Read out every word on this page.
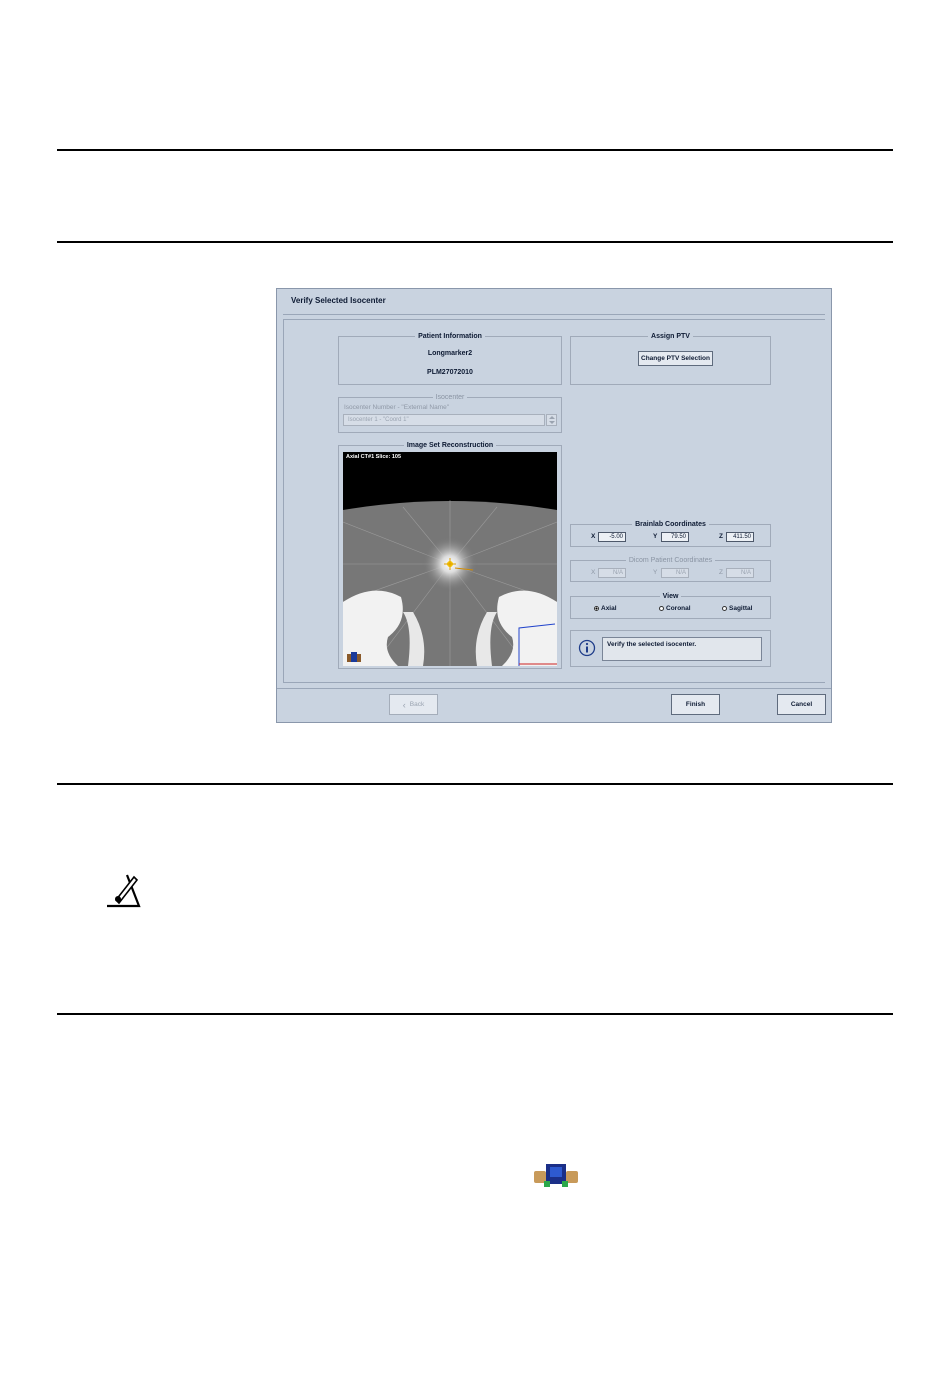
Verify Selected Isocenter
Patient Information
Longmarker2
PLM27072010
Assign PTV
Change PTV Selection
Isocenter
Isocenter Number - "External Name"
Isocenter 1 - "Coord 1"
Image Set Reconstruction
Axial CT#1 Slice: 105
Brainlab Coordinates
X	-5.00	Y	79.50	Z	411.50
Dicom Patient Coordinates
X	N/A	Y	N/A	Z	N/A
View
Axial	Coronal	Sagittal
Verify the selected isocenter.
‹ Back	Finish	Cancel
